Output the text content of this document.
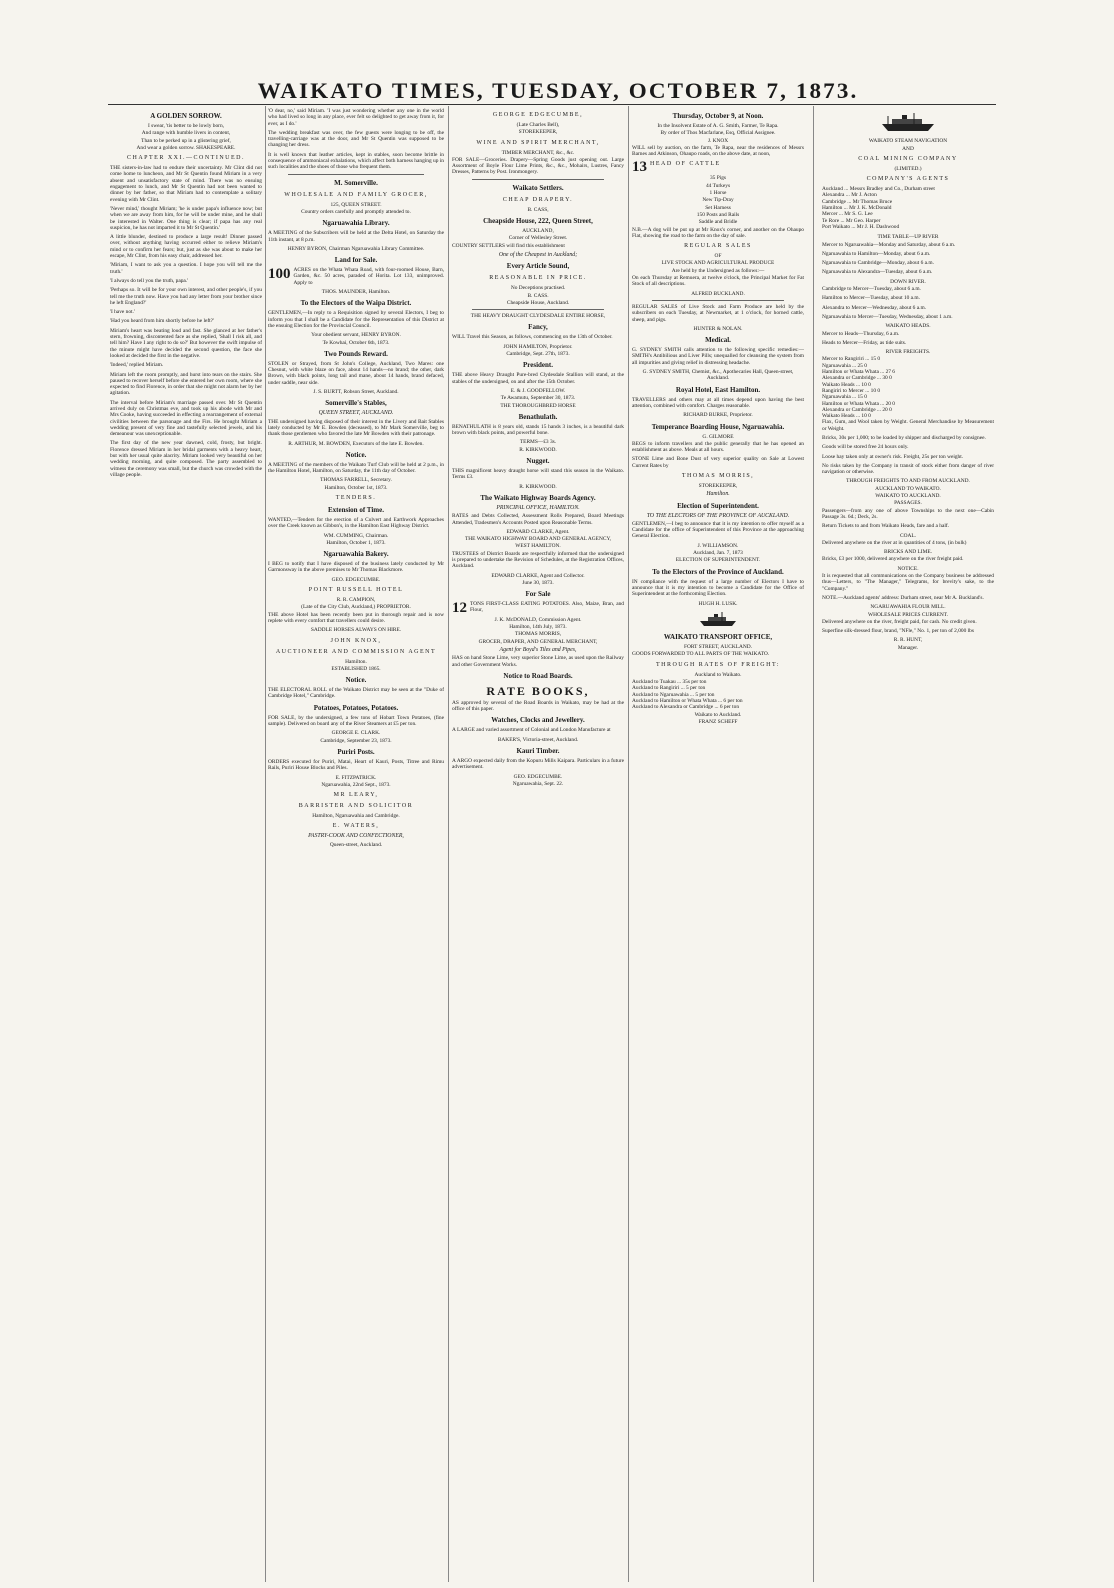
WAIKATO TIMES, TUESDAY, OCTOBER 7, 1873.
A GOLDEN SORROW.
I swear, 'tis better to be lowly born,
And range with humble livers in content,
Than to be perked up in a glistering grief,
And wear a golden sorrow. SHAKESPEARE.
CHAPTER XXI.—CONTINUED.

THE sisters-in-law had to endure their uncertainty. Mr Clint did not come home to luncheon, and Mr St Quentin found Miriam in a very absent and unsatisfactory state of mind. There was no ensuing engagement to lunch, and Mr St Quentin had not been wanted to dinner by her father, so that Miriam had to contemplate a solitary evening with Mr Clint.

'Never mind,' thought Miriam; 'he is under papa's influence now; but when we are away from him, for he will be under mine, and he shall be interested in Walter. One thing is clear; if papa has any real suspicion, he has not imparted it to Mr St Quentin.'

A little blunder, destined to produce a large result! Dinner passed over, without anything having occurred either to relieve Miriam's mind or to confirm her fears; but, just as she was about to make her escape, Mr Clint, from his easy chair, addressed her.

'Miriam, I want to ask you a question. I hope you will tell me the truth.'

'I always do tell you the truth, papa.'

'Perhaps so. It will be for your own interest, and other people's, if you tell me the truth now. Have you had any letter from your brother since he left England?'

'I have not.'

'Had you heard from him shortly before he left?'

Miriam's heart was beating loud and fast. She glanced at her father's stern, frowning, discontented face as she replied, 'Shall I risk all, and tell him? Have I any right to do so?' But however the swift impulse of the minute might have decided the second question, the face she looked at decided the first in the negative.

'Indeed,' replied Miriam.

Miriam left the room promptly, and hurst into tears on the stairs. She paused to recover herself before she entered her own room, where she expected to find Florence, in order that she might not alarm her by her agitation.

The interval before Miriam's marriage passed over. Mr St Quentin arrived duly on Christmas eve, and took up his abode with Mr and Mrs Cooke, having succeeded in effecting a rearrangement of external civilities between the parsonage and the Firs. He brought Miriam a wedding present of very fine and tastefully selected jewels, and his demeanour was unexceptionable.

The first day of the new year dawned, cold, frosty, but bright. Florence dressed Miriam in her bridal garments with a heavy heart, but with her usual quite alacrity. Miriam looked very beautiful on her wedding morning, and quite composed. The party assembled to witness the ceremony was small, but the church was crowded with the village people.

'O dear, no,' said Miriam. 'I was just wondering whether any one in the world who had lived so long in any place, ever felt so delighted to get away from it, for ever, as I do.'

The wedding breakfast was over, the few guests were longing to be off, the travelling-carriage was at the door, and Mr St Quentin was supposed to be changing her dress.

It is well known that leather articles, kept in stables, soon become brittle in consequence of ammoniacal exhalations, which affect both harness hanging up in such localities and the shoes of those who frequent them.

M. Somerville.
WHOLESALE AND FAMILY GROCER,
125, QUEEN STREET.
Country orders carefully and promptly attended to.
Ngaruawahia Library.

A MEETING of the Subscribers will be held at the Delta Hotel, on Saturday the 11th instant, at 8 p.m.

HENRY BYRON, Chairman Ngaruawahia Library Committee.
Land for Sale.

100 ACRES on the Whata Whata Road, with four-roomed House, Barn, Garden, &c. 50 acres, paraded of Horita. Lot 133, unimproved. Apply to

THOS. MAUNDER, Hamilton.
To the Electors of the Waipa District.

GENTLEMEN,—In reply to a Requisition signed by several Electors, I beg to inform you that I shall be a Candidate for the Representation of this District at the ensuing Election for the Provincial Council.

Your obedient servant, HENRY BYRON.
Te Kowhai, October 6th, 1873.
Two Pounds Reward.

STOLEN or Strayed, from St John's College, Auckland, Two Mares: one Chesnut, with white blaze on face, about 14 hands—no brand; the other, dark Brown, with black points, long tail and mane, about 14 hands, brand defaced, under saddle, near side.

J. S. BURTT, Robson Street, Auckland.
Somerville's Stables,
QUEEN STREET, AUCKLAND.

THE undersigned having disposed of their interest in the Livery and Bait Stables lately conducted by Mr E. Bowden (deceased), to Mr Mark Somerville, beg to thank those gentlemen who favored the late Mr Bowden with their patronage.

R. ARTHUR, M. BOWDEN, Executors of the late E. Bowden.
Notice.

A MEETING of the members of the Waikato Turf Club will be held at 2 p.m., in the Hamilton Hotel, Hamilton, on Saturday, the 11th day of October.

THOMAS FARRELL, Secretary.
Hamilton, October 1st, 1873.
TENDERS.
Extension of Time.

WANTED,—Tenders for the erection of a Culvert and Earthwork Approaches over the Creek known as Gibbon's, in the Hamilton East Highway District.

WM. CUMMING, Chairman.
Hamilton, October 1, 1873.
Ngaruawahia Bakery.

I BEG to notify that I have disposed of the business lately conducted by Mr Garmonsway in the above premises to Mr Thomas Blackmore.

GEO. EDGECUMBE.
POINT RUSSELL HOTEL
R. R. CAMPION,
(Late of the City Club, Auckland,) PROPRIETOR.

THE above Hotel has been recently been put in thorough repair and is now replete with every comfort that travellers could desire.

SADDLE HORSES ALWAYS ON HIRE.
JOHN KNOX,
AUCTIONEER AND COMMISSION AGENT
Hamilton.
ESTABLISHED 1865.
Notice.

THE ELECTORAL ROLL of the Waikato District may be seen at the "Duke of Cambridge Hotel," Cambridge.

Potatoes, Potatoes, Potatoes.

FOR SALE, by the undersigned, a few tons of Hobart Town Potatoes, (fine sample). Delivered on board any of the River Steamers at £5 per ton.

GEORGE E. CLARK.
Cambridge, September 23, 1873.
Puriri Posts.

ORDERS executed for Puriri, Matai, Heart of Kauri, Posts, Titree and Rimu Rails, Puriri House Blocks and Piles.

E. FITZPATRICK.
Ngaruawahia, 22nd Sept., 1873.
MR LEARY,
BARRISTER AND SOLICITOR
Hamilton, Ngaruawahia and Cambridge.
E. WATERS,
PASTRY-COOK AND CONFECTIONER,
Queen-street, Auckland.
GEORGE EDGECUMBE,
(Late Charles Bell),
STOREKEEPER,
WINE AND SPIRIT MERCHANT,
TIMBER MERCHANT, &c., &c.

FOR SALE—Groceries. Drapery—Spring Goods just opening out. Large Assortment of Boyle Flour Lime Prints, &c., &c., Mohairs, Lustres, Fancy Dresses, Patterns by Post. Ironmongery.

Waikato Settlers.
CHEAP DRAPERY.
B. CASS,
Cheapside House, 222, Queen Street,
AUCKLAND,
Corner of Wellesley Street.

COUNTRY SETTLERS will find this establishment

One of the Cheapest in Auckland;
Every Article Sound,
REASONABLE IN PRICE.
No Deceptions practised.
B. CASS.
Cheapside House, Auckland.
THE HEAVY DRAUGHT CLYDESDALE ENTIRE HORSE,
Fancy,

WILL Travel this Season, as follows, commencing on the 13th of October.

JOHN HAMILTON, Proprietor.
Cambridge, Sept. 27th, 1873.
President.

THE above Heavy Draught Pure-bred Clydesdale Stallion will stand, at the stables of the undersigned, on and after the 15th October.

E. & J. GOODFELLOW.
Te Awamutu, September 30, 1873.
THE THOROUGHBRED HORSE
Benathulath.

BENATHULATH is 8 years old, stands 15 hands 3 inches, is a beautiful dark brown with black points, and powerful bone.

TERMS—£3 3s.
R. KIRKWOOD.
Nugget.

THIS magnificent heavy draught horse will stand this season in the Waikato. Terms £3.

R. KIRKWOOD.
The Waikato Highway Boards Agency.
PRINCIPAL OFFICE, HAMILTON.

RATES and Debts Collected, Assessment Rolls Prepared, Board Meetings Attended, Tradesmen's Accounts Posted upon Reasonable Terms.

EDWARD CLARKE, Agent.
THE WAIKATO HIGHWAY BOARD AND GENERAL AGENCY,
WEST HAMILTON.

TRUSTEES of District Boards are respectfully informed that the undersigned is prepared to undertake the Revision of Schedules, at the Registration Offices, Auckland.

EDWARD CLARKE, Agent and Collector.
June 30, 1873.
For Sale

12 TONS FIRST-CLASS EATING POTATOES. Also, Maize, Bran, and Flour,

J. K. McDONALD, Commission Agent.
Hamilton, 14th July, 1873.
THOMAS MORRIS,
GROCER, DRAPER, AND GENERAL MERCHANT,
Agent for Boyd's Tiles and Pipes,

HAS on hand Stone Lime, very superior Stone Lime, as used upon the Railway and other Government Works.

Notice to Road Boards.
RATE BOOKS,

AS approved by several of the Road Boards in Waikato, may be had at the office of this paper.

Watches, Clocks and Jewellery.

A LARGE and varied assortment of Colonial and London Manufacture at

BAKER'S, Victoria-street, Auckland.
Kauri Timber.

A ARGO expected daily from the Kopuru Mills Kaipara. Particulars in a future advertisement.

GEO. EDGECUMBE.
Ngaruawahia, Sept. 22.
Thursday, October 9, at Noon.
In the Insolvent Estate of A. G. Smith, Farmer, Te Rapa.
By order of Thos Macfarlane, Esq, Official Assignee.
J. KNOX

WILL sell by auction, on the farm, Te Rapa, near the residences of Messrs Barnes and Atkinson, Ohaupo roads, on the above date, at noon,

13 HEAD OF CATTLE

35 Pigs
44 Turkeys
1 Horse
New Tip-Dray
Set Harness
150 Posts and Rails
Saddle and Bridle

N.B.—A dog will be put up at Mr Knox's corner, and another on the Ohaupo Flat, showing the road to the farm on the day of sale.

REGULAR SALES
OF
LIVE STOCK AND AGRICULTURAL PRODUCE
Are held by the Undersigned as follows:—

On each Thursday at Remuera, at twelve o'clock, the Principal Market for Fat Stock of all descriptions.

ALFRED BUCKLAND.

REGULAR SALES of Live Stock and Farm Produce are held by the subscribers on each Tuesday, at Newmarket, at 1 o'clock, for horned cattle, sheep, and pigs.

HUNTER & NOLAN.
Medical.

G. SYDNEY SMITH calls attention to the following specific remedies:—SMITH's Antibilious and Liver Pills; unequalled for cleansing the system from all impurities and giving relief in distressing headache.

G. SYDNEY SMITH, Chemist, &c., Apothecaries Hall, Queen-street, Auckland.
Royal Hotel, East Hamilton.

TRAVELLERS and others may at all times depend upon having the best attention, combined with comfort. Charges reasonable.

RICHARD BURKE, Proprietor.
Temperance Boarding House, Ngaruawahia.
G. GILMORE

BEGS to inform travellers and the public generally that he has opened an establishment as above. Meals at all hours.

STONE Lime and Bone Dust of very superior quality on Sale at Lowest Current Rates by

THOMAS MORRIS,
STOREKEEPER,
Hamilton.
Election of Superintendent.
TO THE ELECTORS OF THE PROVINCE OF AUCKLAND.

GENTLEMEN,—I beg to announce that it is my intention to offer myself as a Candidate for the office of Superintendent of this Province at the approaching General Election.

J. WILLIAMSON.
Auckland, Jan. 7, 1873
ELECTION OF SUPERINTENDENT.
To the Electors of the Province of Auckland.

IN compliance with the request of a large number of Electors I have to announce that it is my intention to become a Candidate for the Office of Superintendent at the forthcoming Election.

HUGH H. LUSK.
WAIKATO TRANSPORT OFFICE,
FORT STREET, AUCKLAND.

GOODS FORWARDED TO ALL PARTS OF THE WAIKATO.

THROUGH RATES OF FREIGHT:
Auckland to Waikato.
Auckland to Tuakau ... 35s per ton
Auckland to Rangiriri ... 5 per ton
Auckland to Ngaruawahia ... 5 per ton
Auckland to Hamilton or Whata Whata ... 6 per ton
Auckland to Alexandra or Cambridge ... 6 per ton
Waikato to Auckland.
FRANZ SCHEFF
WAIKATO STEAM NAVIGATION
AND
COAL MINING COMPANY
(LIMITED.)
COMPANY'S AGENTS
Auckland ... Messrs Bradley and Co., Durham street
Alexandra ... Mr J. Acton
Cambridge ... Mr Thomas Bruce
Hamilton ... Mr J. K. McDonald
Mercer ... Mr S. G. Lee
Te Rore ... Mr Geo. Harper
Port Waikato ... Mr J. H. Dashwood
TIME TABLE—UP RIVER

Mercer to Ngaruawahia—Monday and Saturday, about 6 a.m.

Ngaruawahia to Hamilton—Monday, about 6 a.m.

Ngaruawahia to Cambridge—Monday, about 6 a.m.

Ngaruawahia to Alexandra—Tuesday, about 6 a.m.

DOWN RIVER.

Cambridge to Mercer—Tuesday, about 6 a.m.

Hamilton to Mercer—Tuesday, about 10 a.m.

Alexandra to Mercer—Wednesday, about 6 a.m.

Ngaruawahia to Mercer—Tuesday, Wednesday, about 1 a.m.

WAIKATO HEADS.

Mercer to Heads—Thursday, 6 a.m.

Heads to Mercer—Friday, as tide suits.

RIVER FREIGHTS.
Mercer to Rangiriri ... 15 0
Ngaruawahia ... 25 0
Hamilton or Whata Whata ... 27 6
Alexandra or Cambridge ... 30 0
Waikato Heads ... 10 0
Rangiriri to Mercer ... 10 0
Ngaruawahia ... 15 0
Hamilton or Whata Whata ... 20 0
Alexandra or Cambridge ... 20 0
Waikato Heads ... 10 0

Flax, Gum, and Wool taken by Weight. General Merchandise by Measurement or Weight.

Bricks, 30s per 1,000; to be loaded by shipper and discharged by consignee.

Goods will be stored free 24 hours only.

Loose hay taken only at owner's risk. Freight, 25s per ton weight.

No risks taken by the Company in transit of stock either from danger of river navigation or otherwise.

THROUGH FREIGHTS TO AND FROM AUCKLAND.
AUCKLAND TO WAIKATO.
WAIKATO TO AUCKLAND.
PASSAGES.

Passengers—from any one of above Townships to the next one—Cabin Passage 3s. 6d.; Deck, 2s.

Return Tickets to and from Waikato Heads, fare and a half.

COAL.

Delivered anywhere on the river at in quantities of 4 tons, (in bulk)

BRICKS AND LIME.

Bricks, £3 per 1000, delivered anywhere on the river freight paid.

NOTICE.

It is requested that all communications on the Company business be addressed thus—Letters, to "The Manager," Telegrams, for brevity's sake, to the "Company."

NOTE.—Auckland agents' address: Durham street, near Mr A. Buckland's.

NGARUAWAHIA FLOUR MILL.
WHOLESALE PRICES CURRENT.

Delivered anywhere on the river, freight paid, for cash. No credit given.

Superfine silk-dressed flour, brand, "NFle," No. 1, per ton of 2,000 lbs

R. R. HUNT,
Manager.
